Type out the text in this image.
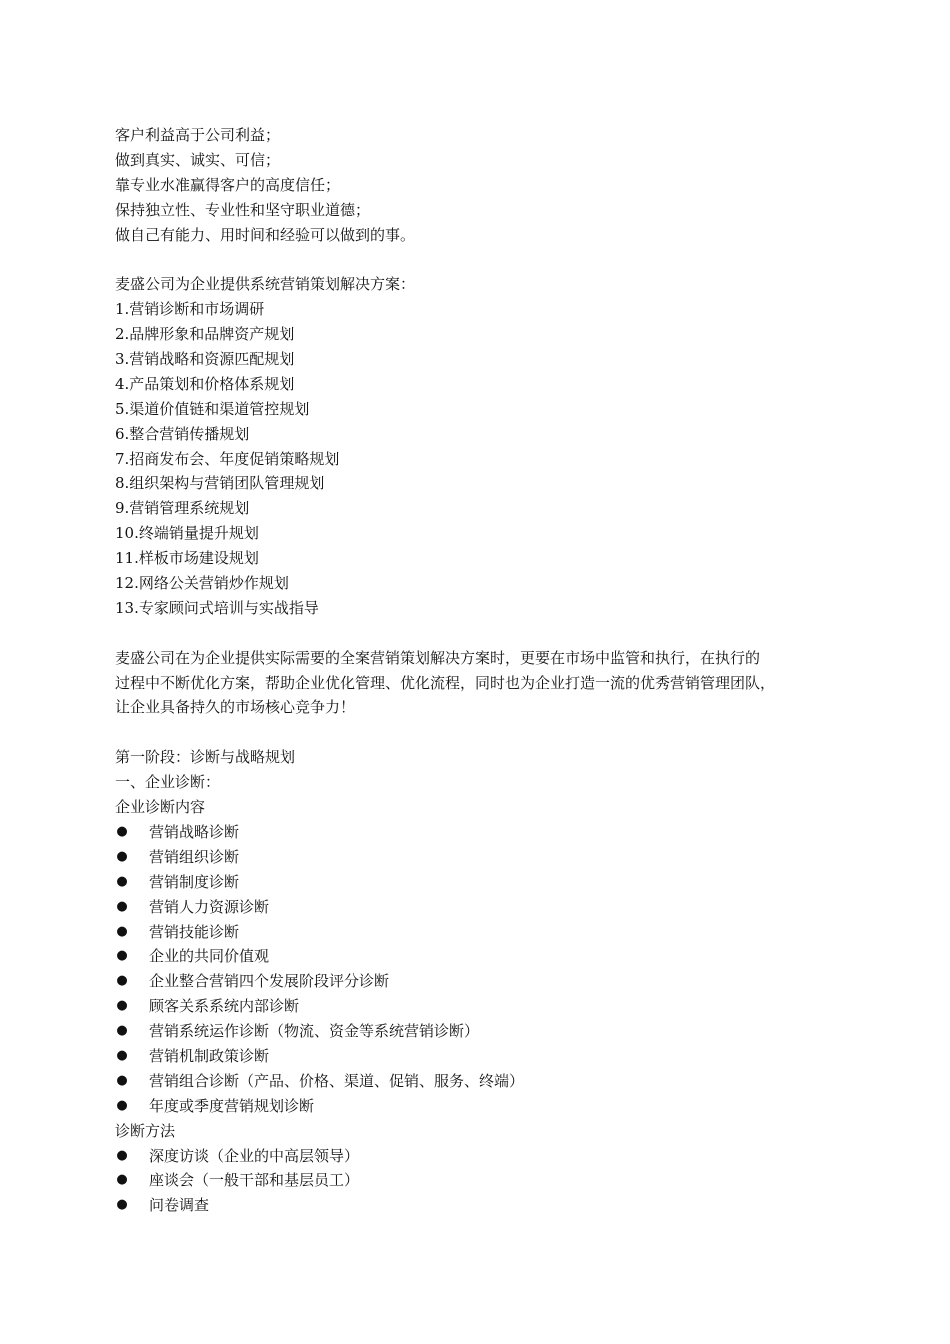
客户利益高于公司利益；
做到真实、诚实、可信；
靠专业水准赢得客户的高度信任；
保持独立性、专业性和坚守职业道德；
做自己有能力、用时间和经验可以做到的事。
麦盛公司为企业提供系统营销策划解决方案：
1.营销诊断和市场调研
2.品牌形象和品牌资产规划
3.营销战略和资源匹配规划
4.产品策划和价格体系规划
5.渠道价值链和渠道管控规划
6.整合营销传播规划
7.招商发布会、年度促销策略规划
8.组织架构与营销团队管理规划
9.营销管理系统规划
10.终端销量提升规划
11.样板市场建设规划
12.网络公关营销炒作规划
13.专家顾问式培训与实战指导
麦盛公司在为企业提供实际需要的全案营销策划解决方案时，更要在市场中监管和执行，在执行的
过程中不断优化方案，帮助企业优化管理、优化流程，同时也为企业打造一流的优秀营销管理团队，
让企业具备持久的市场核心竞争力！
第一阶段：诊断与战略规划
一、企业诊断：
企业诊断内容
● 营销战略诊断
● 营销组织诊断
● 营销制度诊断
● 营销人力资源诊断
● 营销技能诊断
● 企业的共同价值观
● 企业整合营销四个发展阶段评分诊断
● 顾客关系系统内部诊断
● 营销系统运作诊断（物流、资金等系统营销诊断）
● 营销机制政策诊断
● 营销组合诊断（产品、价格、渠道、促销、服务、终端）
● 年度或季度营销规划诊断
诊断方法
● 深度访谈（企业的中高层领导）
● 座谈会（一般干部和基层员工）
● 问卷调查
